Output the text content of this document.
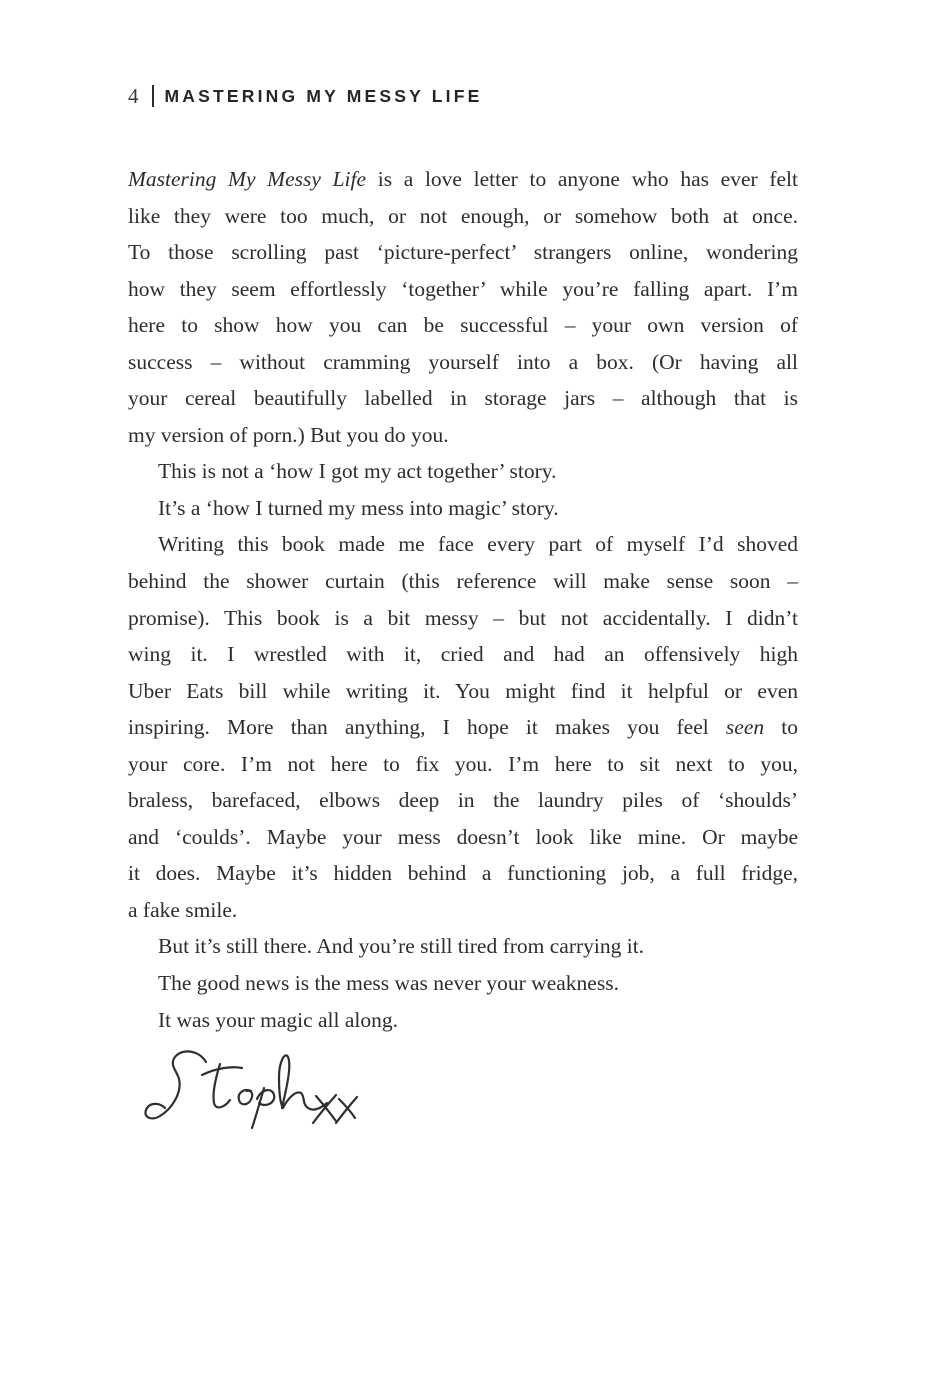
4 MASTERING MY MESSY LIFE
Mastering My Messy Life is a love letter to anyone who has ever felt
like they were too much, or not enough, or somehow both at once.
To those scrolling past ‘picture-perfect’ strangers online, wondering
how they seem effortlessly ‘together’ while you’re falling apart. I’m
here to show how you can be successful – your own version of
success – without cramming yourself into a box. (Or having all
your cereal beautifully labelled in storage jars – although that is
my version of porn.) But you do you.
This is not a ‘how I got my act together’ story.
It’s a ‘how I turned my mess into magic’ story.
Writing this book made me face every part of myself I’d shoved
behind the shower curtain (this reference will make sense soon –
promise). This book is a bit messy – but not accidentally. I didn’t
wing it. I wrestled with it, cried and had an offensively high
Uber Eats bill while writing it. You might find it helpful or even
inspiring. More than anything, I hope it makes you feel seen to
your core. I’m not here to fix you. I’m here to sit next to you,
braless, barefaced, elbows deep in the laundry piles of ‘shoulds’
and ‘coulds’. Maybe your mess doesn’t look like mine. Or maybe
it does. Maybe it’s hidden behind a functioning job, a full fridge,
a fake smile.
But it’s still there. And you’re still tired from carrying it.
The good news is the mess was never your weakness.
It was your magic all along.
